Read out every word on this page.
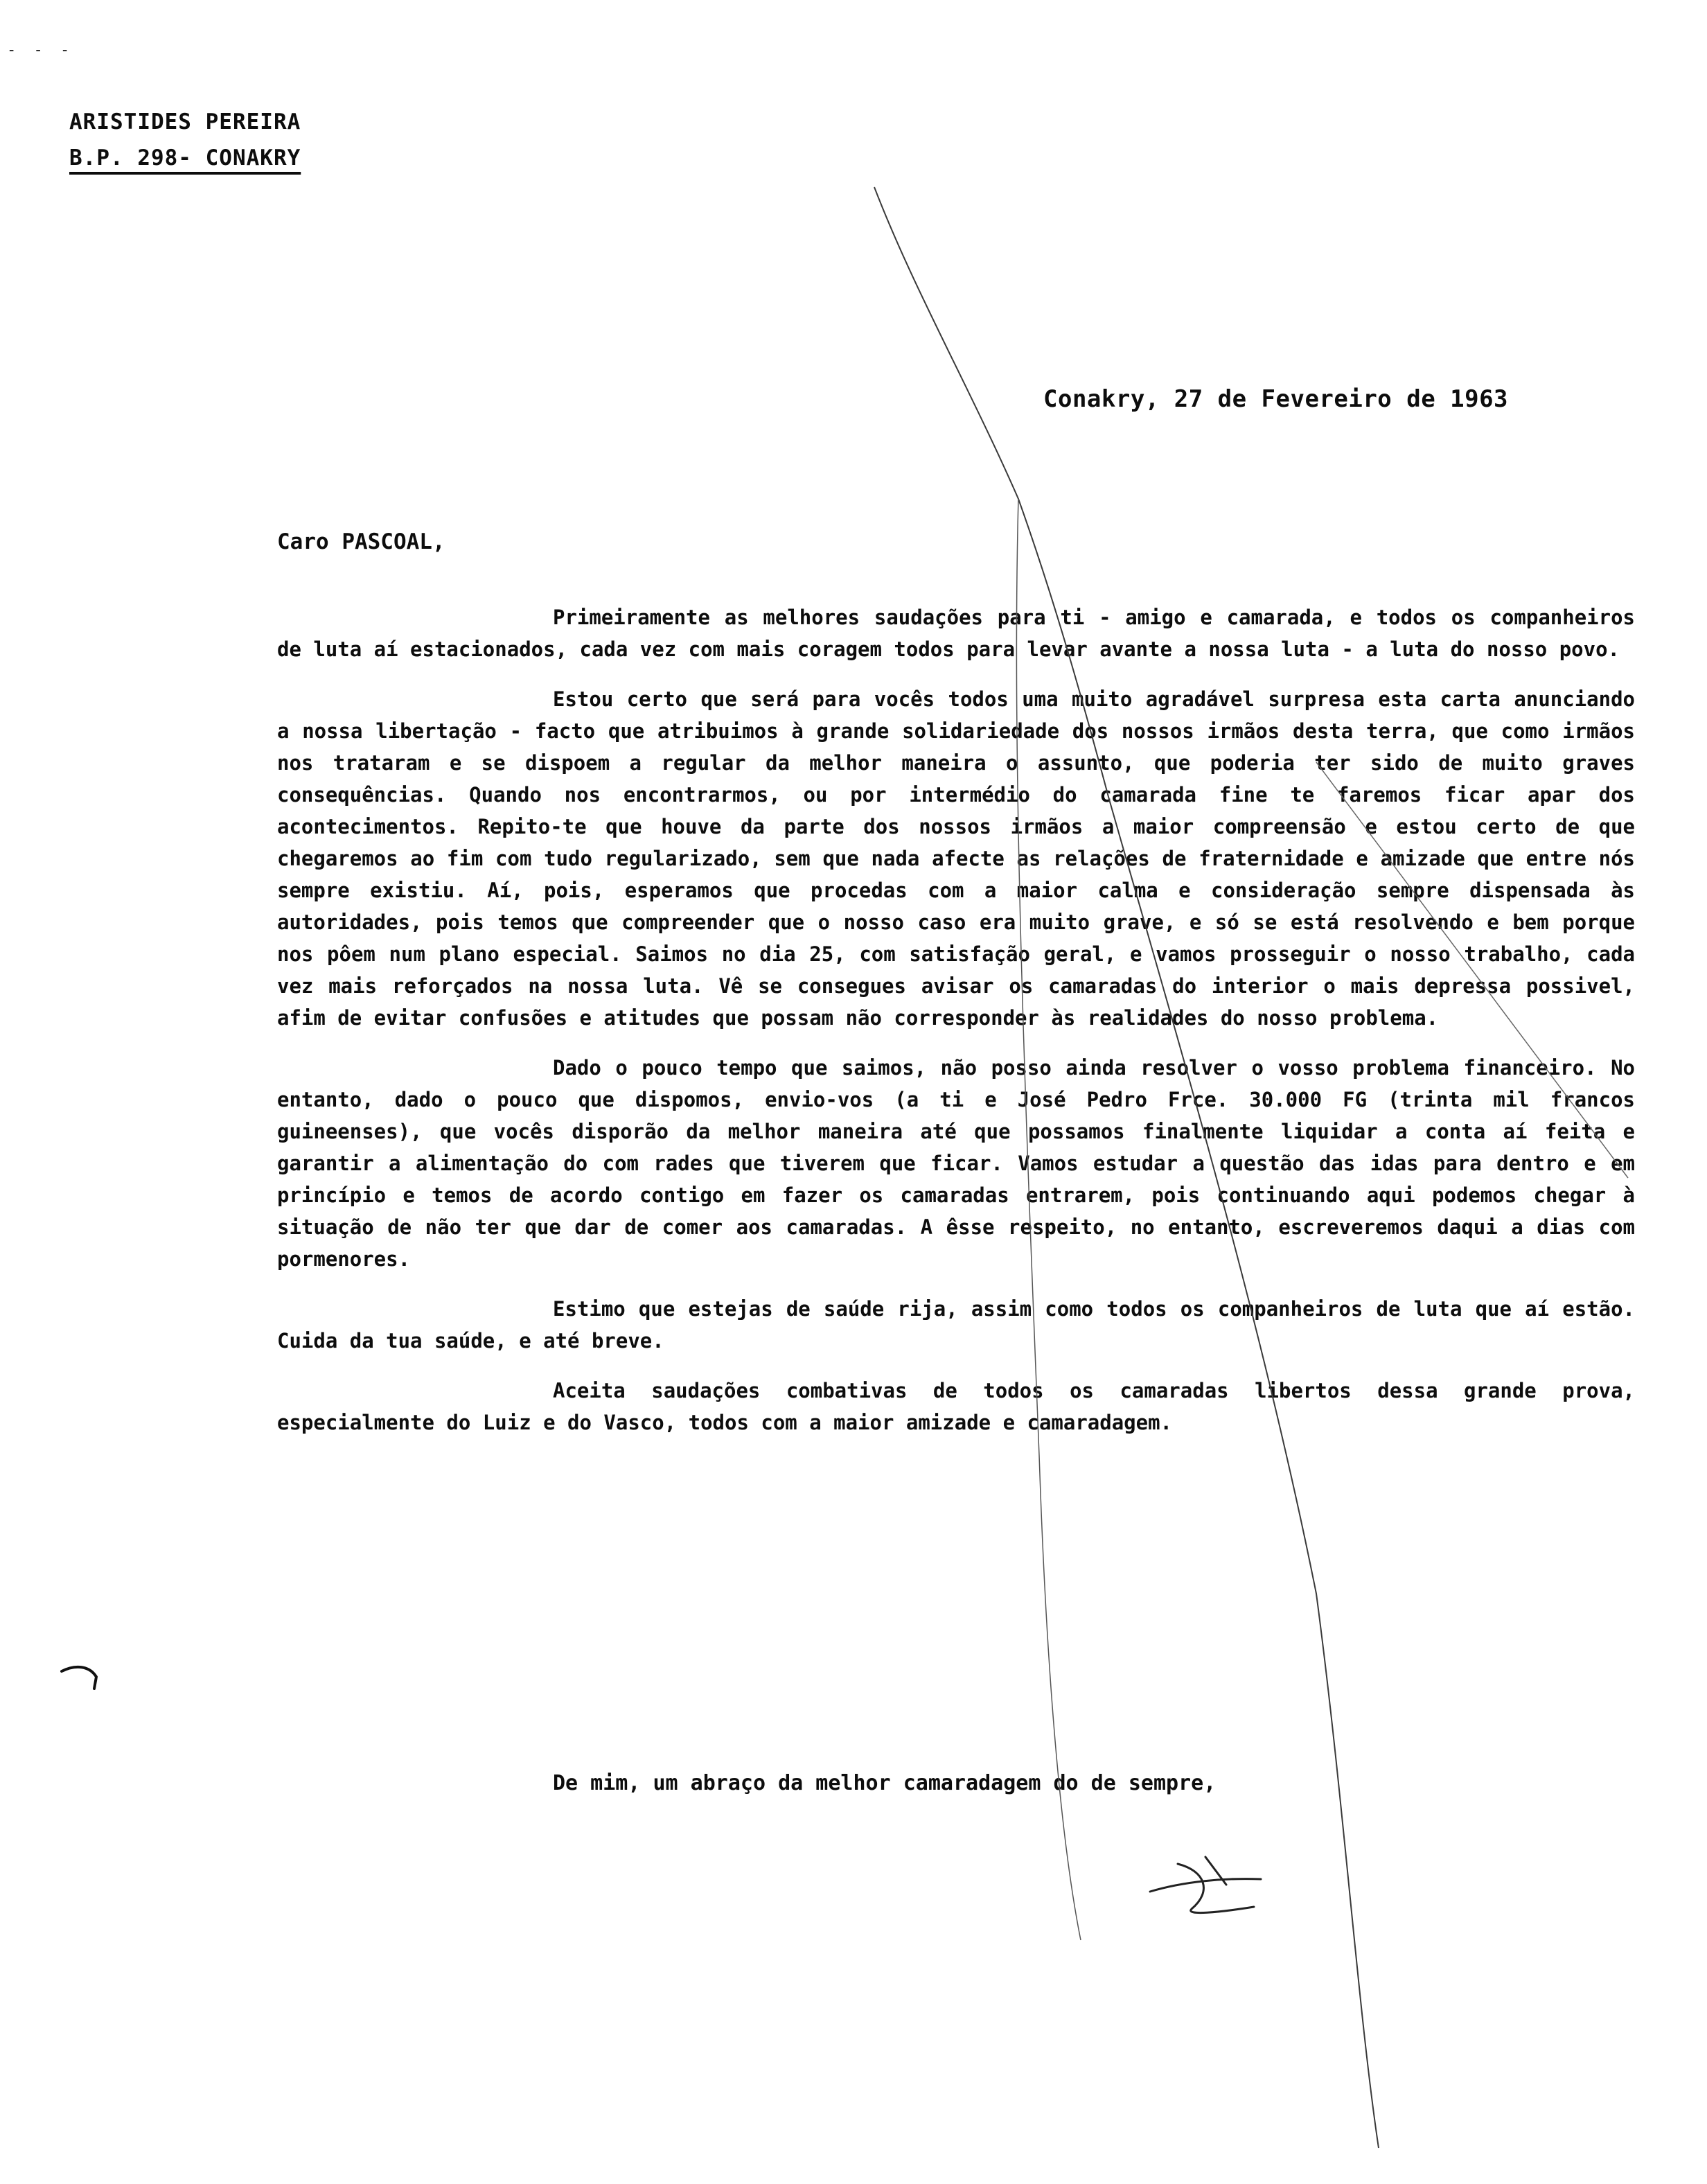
- - -
ARISTIDES PEREIRA
B.P. 298- CONAKRY
Conakry, 27 de Fevereiro de 1963
Caro PASCOAL,

Primeiramente as melhores saudações para ti - amigo e camarada, e todos os companheiros de luta aí estacionados, cada vez com mais coragem todos para levar avante a nossa luta - a luta do nosso povo.

Estou certo que será para vocês todos uma muito agradável surpresa esta carta anunciando a nossa libertação - facto que atribuimos à grande solidariedade dos nossos irmãos desta terra, que como irmãos nos trataram e se dispoem a regular da melhor maneira o assunto, que poderia ter sido de muito graves consequências. Quando nos encontrarmos, ou por intermédio do camarada fine te faremos ficar apar dos acontecimentos. Repito-te que houve da parte dos nossos irmãos a maior compreensão e estou certo de que chegaremos ao fim com tudo regularizado, sem que nada afecte as relações de fraternidade e amizade que entre nós sempre existiu. Aí, pois, esperamos que procedas com a maior calma e consideração sempre dispensada às autoridades, pois temos que compreender que o nosso caso era muito grave, e só se está resolvendo e bem porque nos pôem num plano especial. Saimos no dia 25, com satisfação geral, e vamos prosseguir o nosso trabalho, cada vez mais reforçados na nossa luta. Vê se consegues avisar os camaradas do interior o mais depressa possivel, afim de evitar confusões e atitudes que possam não corresponder às realidades do nosso problema.

Dado o pouco tempo que saimos, não posso ainda resolver o vosso problema financeiro. No entanto, dado o pouco que dispomos, envio-vos (a ti e José Pedro Frce. 30.000 FG (trinta mil francos guineenses), que vocês disporão da melhor maneira até que possamos finalmente liquidar a conta aí feita e garantir a alimentação do com rades que tiverem que ficar. Vamos estudar a questão das idas para dentro e em princípio e temos de acordo contigo em fazer os camaradas entrarem, pois continuando aqui podemos chegar à situação de não ter que dar de comer aos camaradas. A êsse respeito, no entanto, escreveremos daqui a dias com pormenores.

Estimo que estejas de saúde rija, assim como todos os companheiros de luta que aí estão. Cuida da tua saúde, e até breve.

Aceita saudações combativas de todos os camaradas libertos dessa grande prova, especialmente do Luiz e do Vasco, todos com a maior amizade e camaradagem.

De mim, um abraço da melhor camaradagem do de sempre,
